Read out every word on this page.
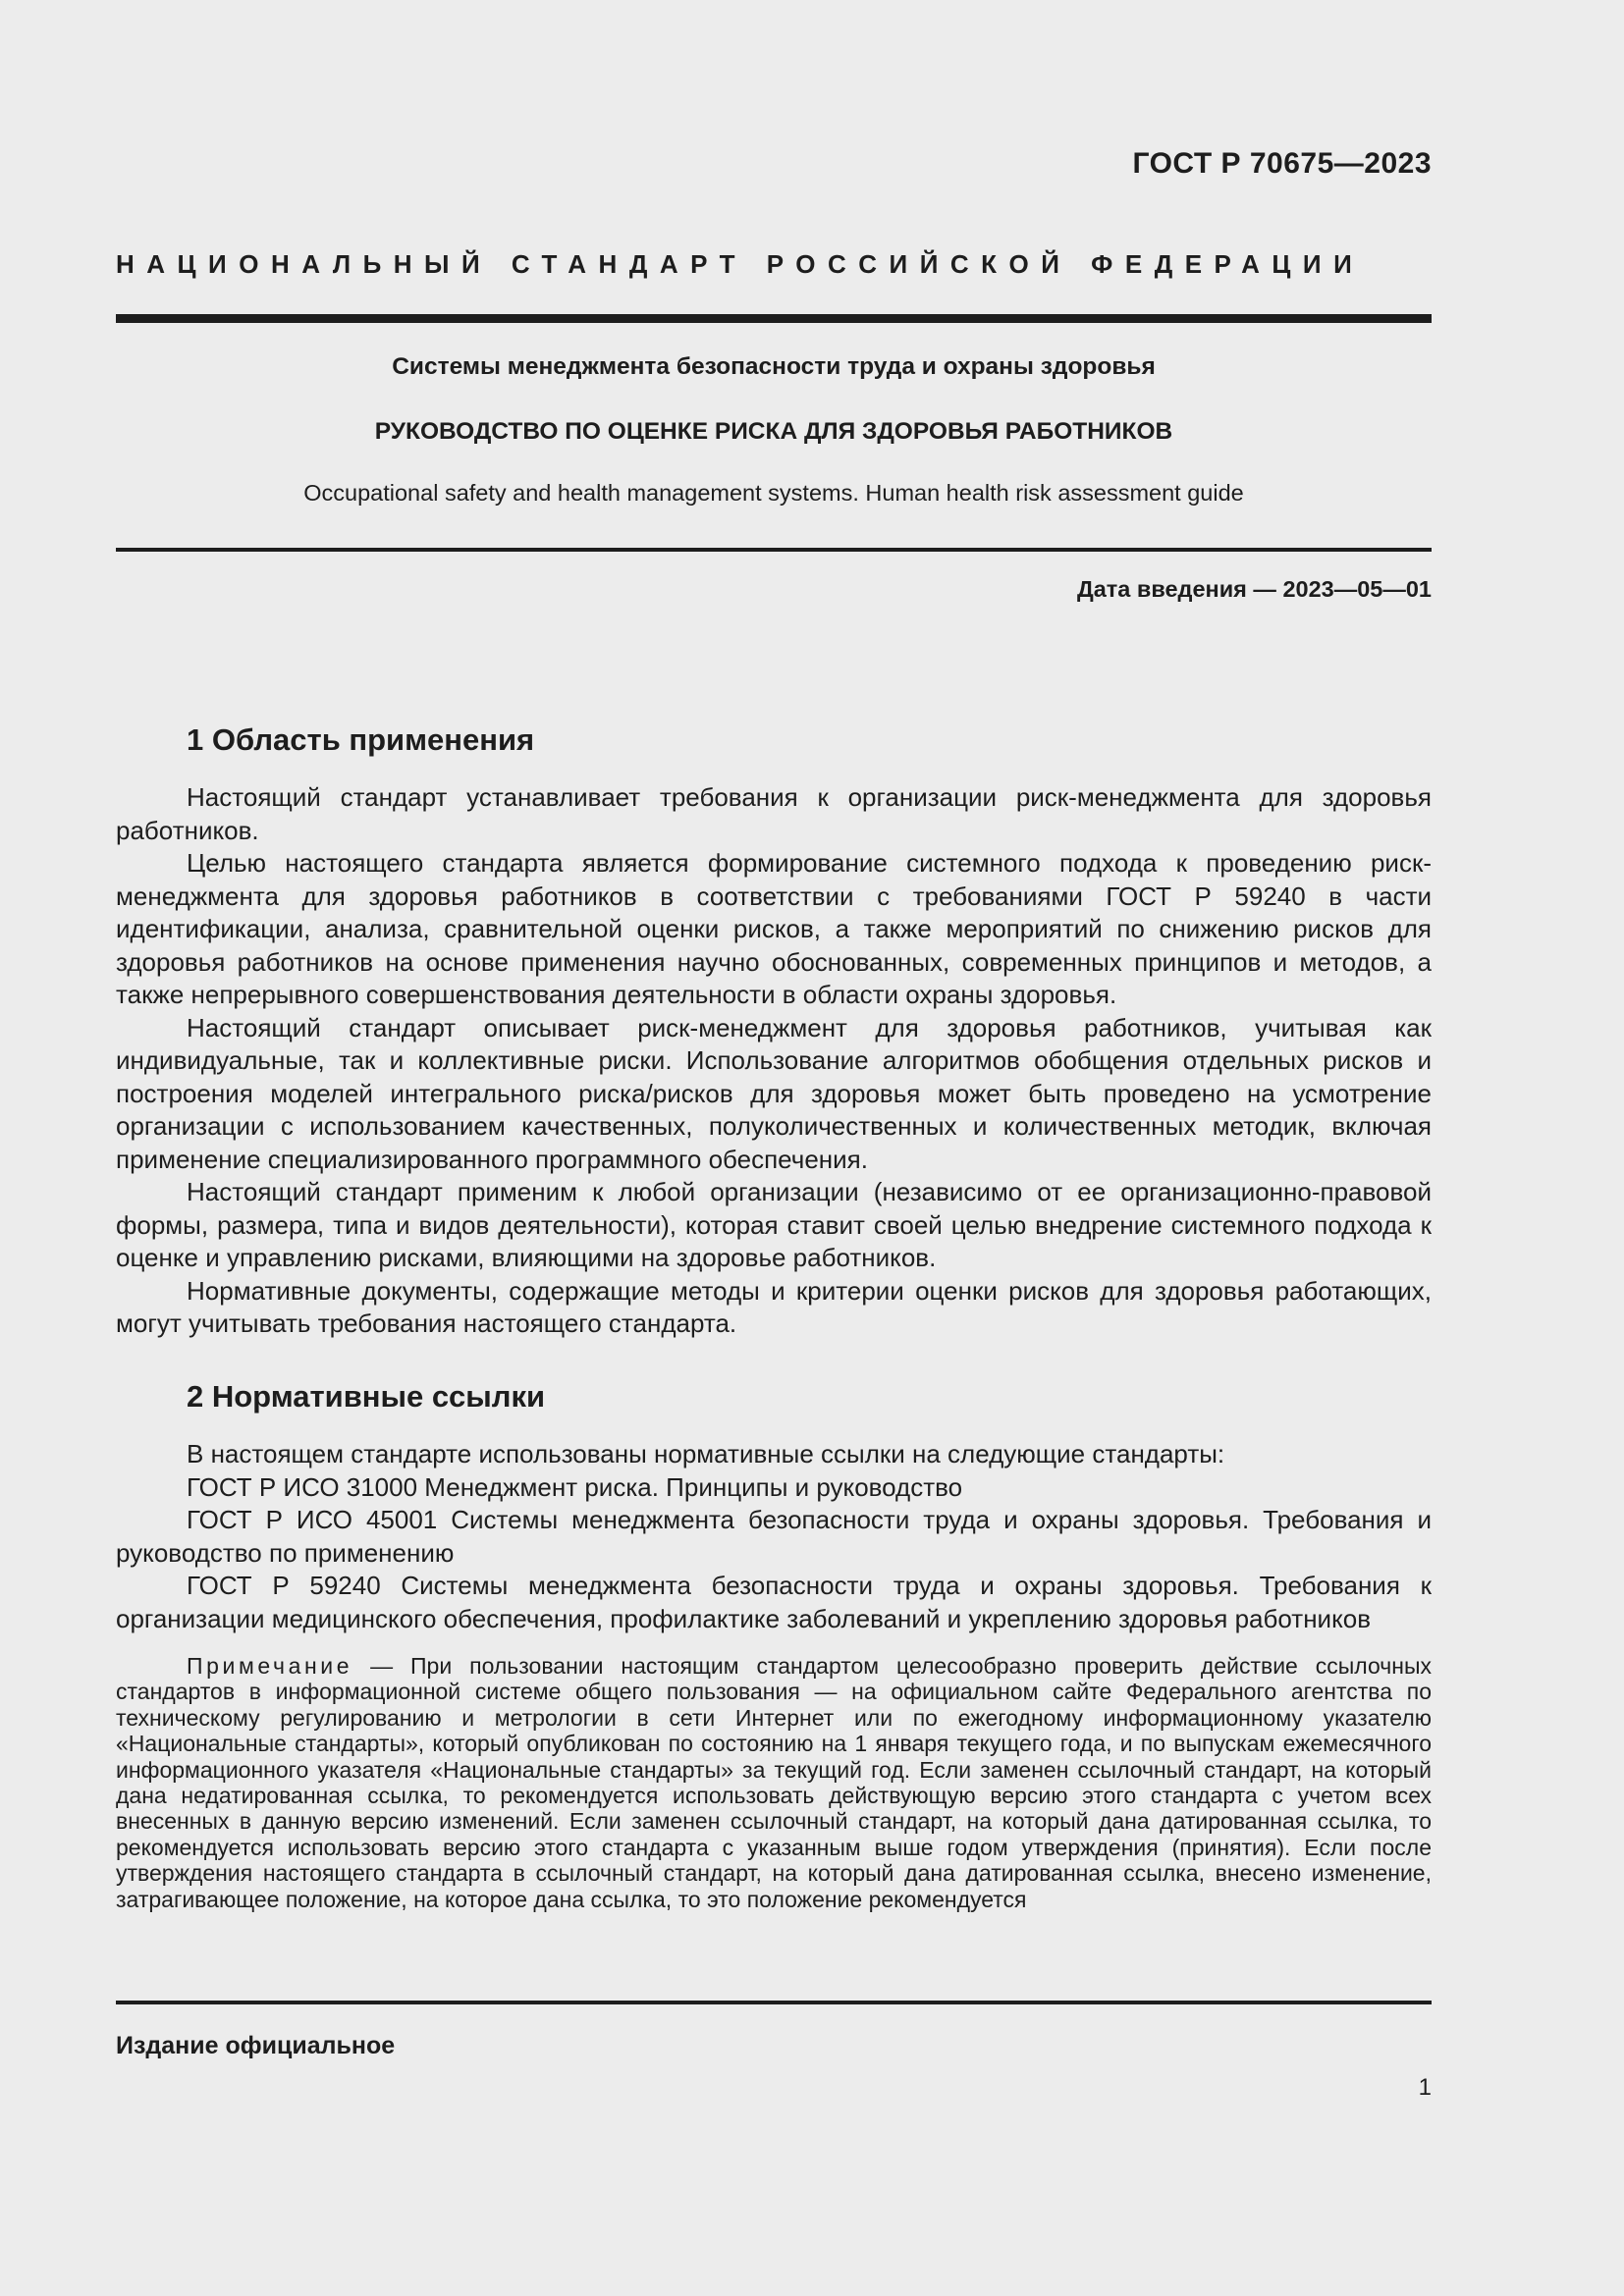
ГОСТ Р 70675—2023
НАЦИОНАЛЬНЫЙ СТАНДАРТ РОССИЙСКОЙ ФЕДЕРАЦИИ
Системы менеджмента безопасности труда и охраны здоровья
РУКОВОДСТВО ПО ОЦЕНКЕ РИСКА ДЛЯ ЗДОРОВЬЯ РАБОТНИКОВ
Occupational safety and health management systems. Human health risk assessment guide
Дата введения — 2023—05—01
1 Область применения

Настоящий стандарт устанавливает требования к организации риск-менеджмента для здоровья работников.

Целью настоящего стандарта является формирование системного подхода к проведению риск-менеджмента для здоровья работников в соответствии с требованиями ГОСТ Р 59240 в части идентификации, анализа, сравнительной оценки рисков, а также мероприятий по снижению рисков для здоровья работников на основе применения научно обоснованных, современных принципов и методов, а также непрерывного совершенствования деятельности в области охраны здоровья.

Настоящий стандарт описывает риск-менеджмент для здоровья работников, учитывая как индивидуальные, так и коллективные риски. Использование алгоритмов обобщения отдельных рисков и построения моделей интегрального риска/рисков для здоровья может быть проведено на усмотрение организации с использованием качественных, полуколичественных и количественных методик, включая применение специализированного программного обеспечения.

Настоящий стандарт применим к любой организации (независимо от ее организационно-правовой формы, размера, типа и видов деятельности), которая ставит своей целью внедрение системного подхода к оценке и управлению рисками, влияющими на здоровье работников.

Нормативные документы, содержащие методы и критерии оценки рисков для здоровья работающих, могут учитывать требования настоящего стандарта.

2 Нормативные ссылки

В настоящем стандарте использованы нормативные ссылки на следующие стандарты:

ГОСТ Р ИСО 31000 Менеджмент риска. Принципы и руководство

ГОСТ Р ИСО 45001 Системы менеджмента безопасности труда и охраны здоровья. Требования и руководство по применению

ГОСТ Р 59240 Системы менеджмента безопасности труда и охраны здоровья. Требования к организации медицинского обеспечения, профилактике заболеваний и укреплению здоровья работников

Примечание — При пользовании настоящим стандартом целесообразно проверить действие ссылочных стандартов в информационной системе общего пользования — на официальном сайте Федерального агентства по техническому регулированию и метрологии в сети Интернет или по ежегодному информационному указателю «Национальные стандарты», который опубликован по состоянию на 1 января текущего года, и по выпускам ежемесячного информационного указателя «Национальные стандарты» за текущий год. Если заменен ссылочный стандарт, на который дана недатированная ссылка, то рекомендуется использовать действующую версию этого стандарта с учетом всех внесенных в данную версию изменений. Если заменен ссылочный стандарт, на который дана датированная ссылка, то рекомендуется использовать версию этого стандарта с указанным выше годом утверждения (принятия). Если после утверждения настоящего стандарта в ссылочный стандарт, на который дана датированная ссылка, внесено изменение, затрагивающее положение, на которое дана ссылка, то это положение рекомендуется

Издание официальное
1
